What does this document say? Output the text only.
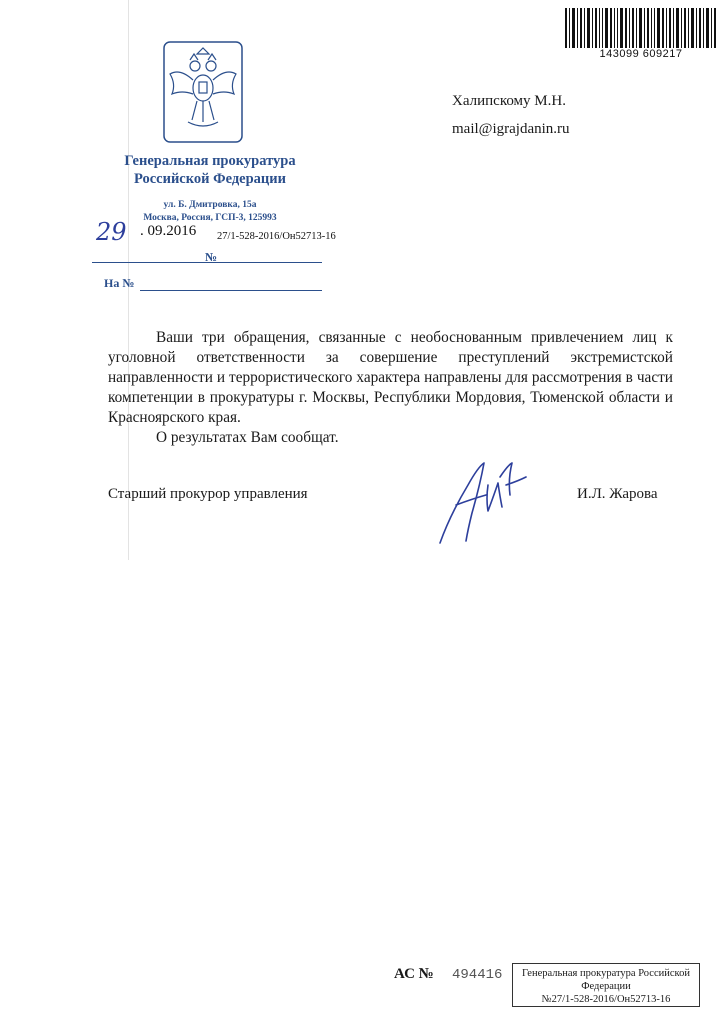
143099 609217
Генеральная прокуратура
Российской Федерации
ул. Б. Дмитровка, 15а
Москва, Россия, ГСП-3, 125993
29 . 09.2016 27/1-528-2016/Он52713-16
№
На №
Халипскому М.Н.
mail@igrajdanin.ru

Ваши три обращения, связанные с необоснованным привлечением лиц к уголовной ответственности за совершение преступлений экстремистской направленности и террористического характера направлены для рассмотрения в части компетенции в прокуратуры г. Москвы, Республики Мордовия, Тюменской области и Красноярского края.

О результатах Вам сообщат.

Старший прокурор управления	И.Л. Жарова
АС № 494416	Генеральная прокуратура Российской
Федерации
№27/1-528-2016/Он52713-16
